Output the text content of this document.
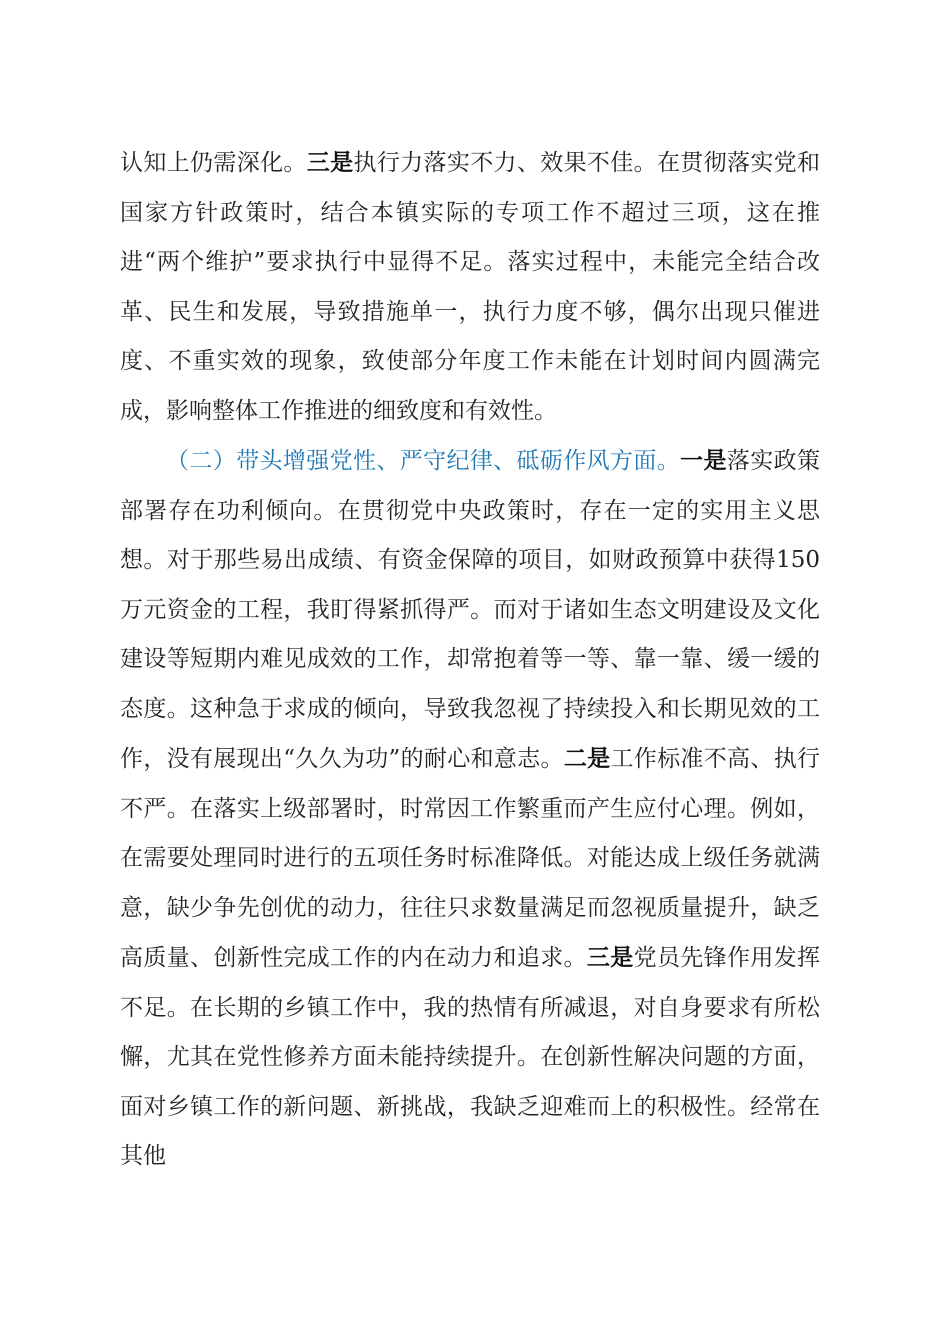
认知上仍需深化。三是执行力落实不力、效果不佳。在贯彻落实党和国家方针政策时，结合本镇实际的专项工作不超过三项，这在推进“两个维护”要求执行中显得不足。落实过程中，未能完全结合改革、民生和发展，导致措施单一，执行力度不够，偶尔出现只催进度、不重实效的现象，致使部分年度工作未能在计划时间内圆满完成，影响整体工作推进的细致度和有效性。

（二）带头增强党性、严守纪律、砥砺作风方面。一是落实政策部署存在功利倾向。在贯彻党中央政策时，存在一定的实用主义思想。对于那些易出成绩、有资金保障的项目，如财政预算中获得150万元资金的工程，我盯得紧抓得严。而对于诸如生态文明建设及文化建设等短期内难见成效的工作，却常抱着等一等、靠一靠、缓一缓的态度。这种急于求成的倾向，导致我忽视了持续投入和长期见效的工作，没有展现出“久久为功”的耐心和意志。二是工作标准不高、执行不严。在落实上级部署时，时常因工作繁重而产生应付心理。例如，在需要处理同时进行的五项任务时标准降低。对能达成上级任务就满意，缺少争先创优的动力，往往只求数量满足而忽视质量提升，缺乏高质量、创新性完成工作的内在动力和追求。三是党员先锋作用发挥不足。在长期的乡镇工作中，我的热情有所减退，对自身要求有所松懈，尤其在党性修养方面未能持续提升。在创新性解决问题的方面，面对乡镇工作的新问题、新挑战，我缺乏迎难而上的积极性。经常在其他
